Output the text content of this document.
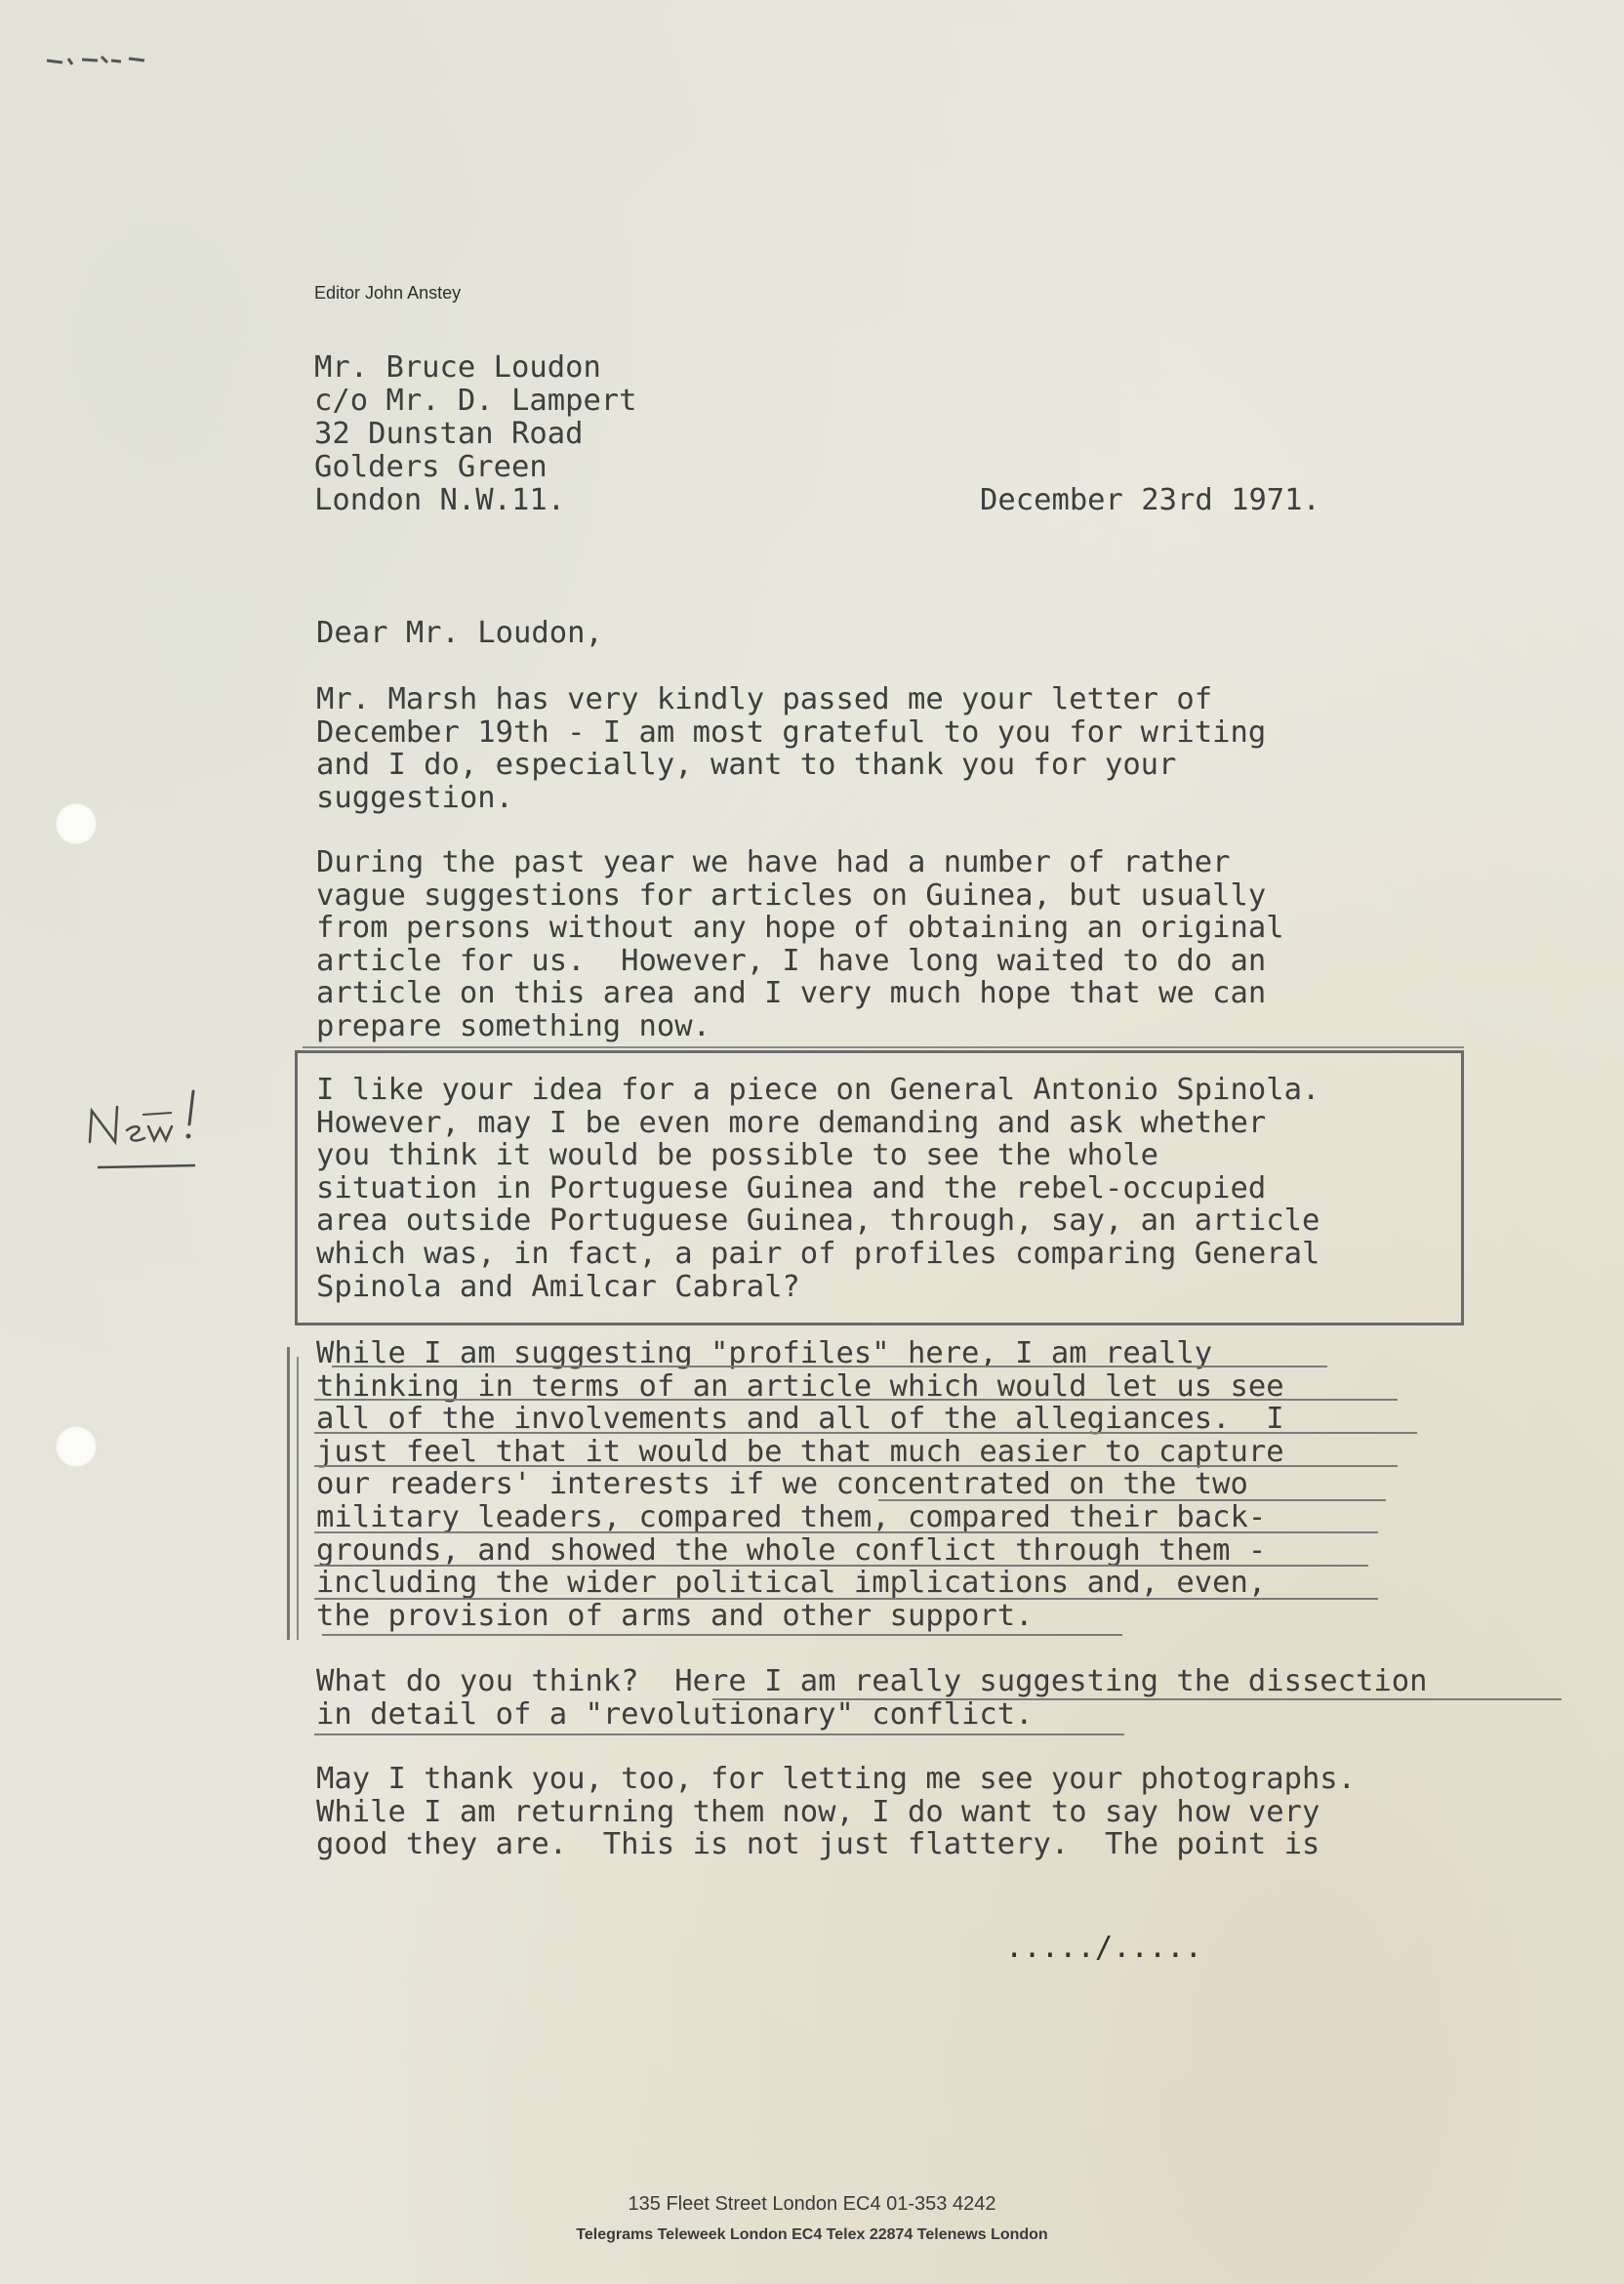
Editor John Anstey
Mr. Bruce Loudon
c/o Mr. D. Lampert
32 Dunstan Road
Golders Green
London N.W.11.	December 23rd 1971.
Dear Mr. Loudon,
Mr. Marsh has very kindly passed me your letter of
December 19th - I am most grateful to you for writing
and I do, especially, want to thank you for your
suggestion.
During the past year we have had a number of rather
vague suggestions for articles on Guinea, but usually
from persons without any hope of obtaining an original
article for us.  However, I have long waited to do an
article on this area and I very much hope that we can
prepare something now.
I like your idea for a piece on General Antonio Spinola.
However, may I be even more demanding and ask whether
you think it would be possible to see the whole
situation in Portuguese Guinea and the rebel-occupied
area outside Portuguese Guinea, through, say, an article
which was, in fact, a pair of profiles comparing General
Spinola and Amilcar Cabral?
While I am suggesting "profiles" here, I am really
thinking in terms of an article which would let us see
all of the involvements and all of the allegiances.  I
just feel that it would be that much easier to capture
our readers' interests if we concentrated on the two
military leaders, compared them, compared their back-
grounds, and showed the whole conflict through them -
including the wider political implications and, even,
the provision of arms and other support.
What do you think?  Here I am really suggesting the dissection
in detail of a "revolutionary" conflict.
May I thank you, too, for letting me see your photographs.
While I am returning them now, I do want to say how very
good they are.  This is not just flattery.  The point is
...../.....
135 Fleet Street London EC4 01-353 4242
Telegrams Teleweek London EC4 Telex 22874 Telenews London
